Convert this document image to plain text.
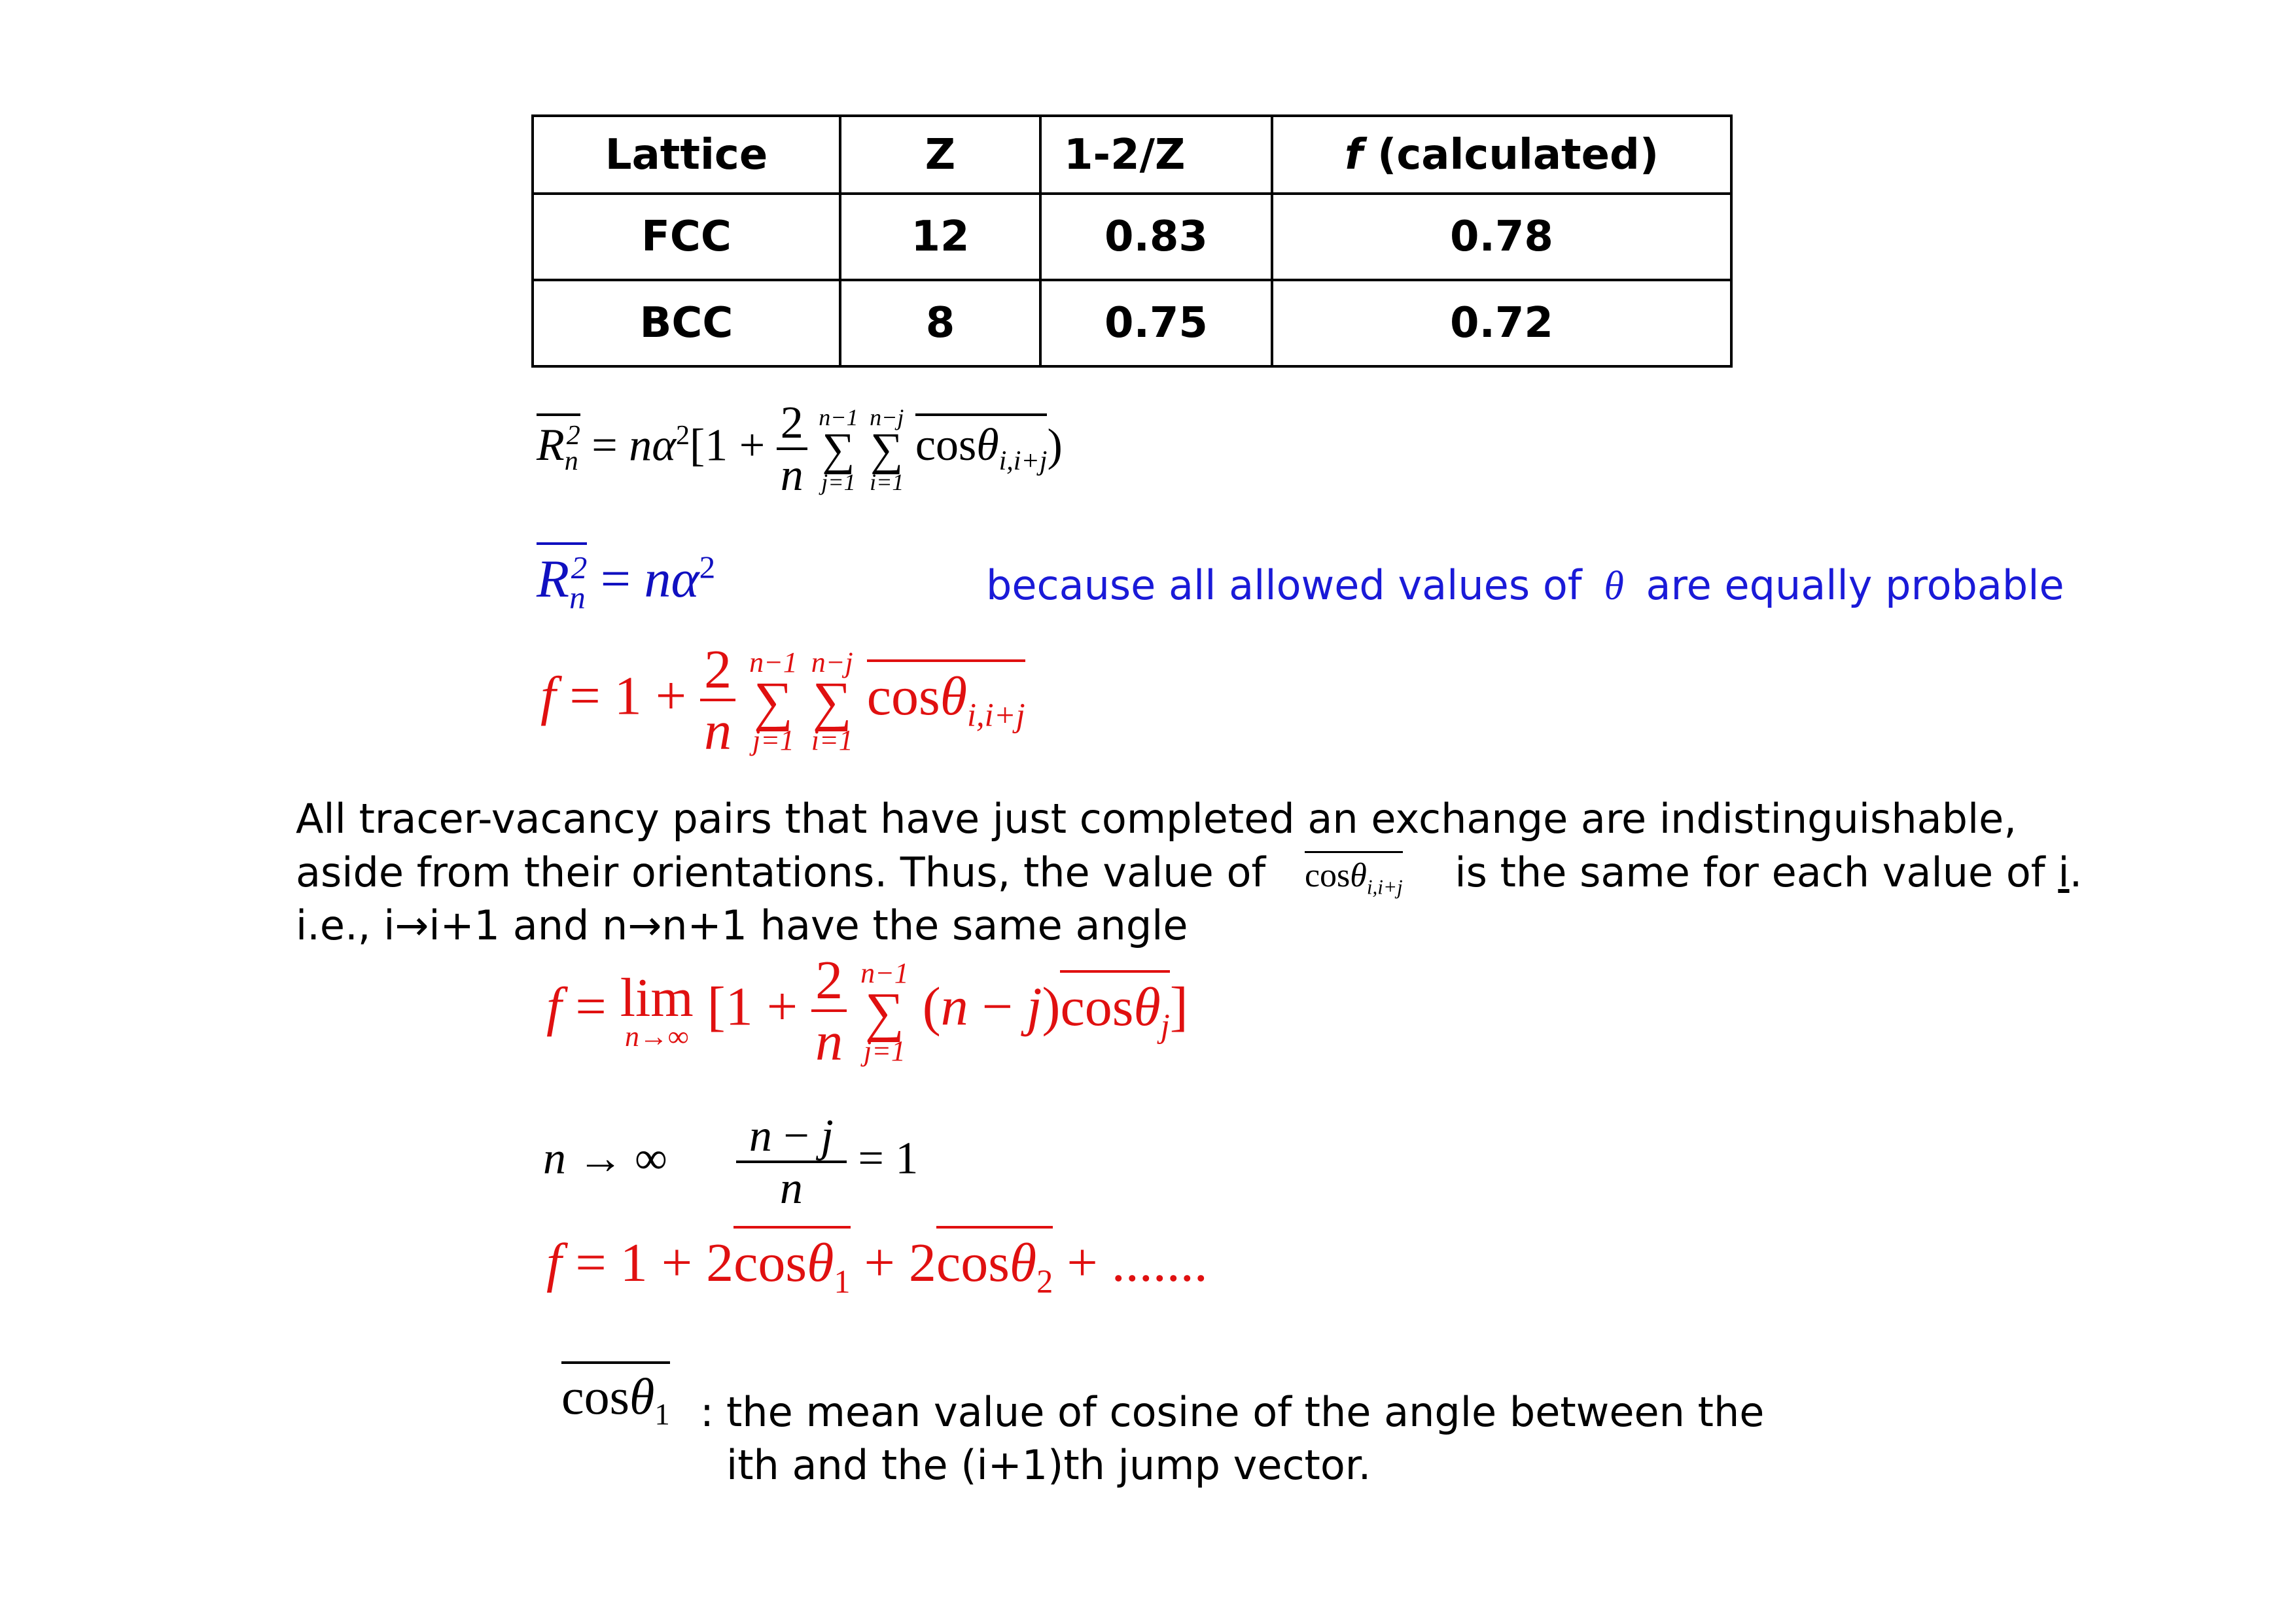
Lattice	Z	1-2/Z	f (calculated)
FCC	12	0.83	0.78
BCC	8	0.75	0.72
$R_n^2 = n\alpha^2[1 + \frac{2}{n}$
n−1
∑
j=1

n−j
∑
i=1
cosθ$_{i,i+j}$)
$R_n^2 = n\alpha^2$	because all allowed values of θ are equally probable
$f = 1 + \frac{2}{n}$
n−1
∑
j=1

n−j
∑
i=1
cosθ$_{i,i+j}$
All tracer-vacancy pairs that have just completed an exchange are indistinguishable,
aside from their orientations. Thus, the value of cosθ$_{i,i+j}$ is the same for each value of i.
i.e., i→i+1 and n→n+1 have the same angle
f = lim
n→∞ [$1 + \frac{2}{n}$
n−1
∑
j=1
(n − j)cosθ$_j$]
n → ∞ $\frac{n - j}{n} = 1$
f = 1 + 2cosθ$_1$ + 2cosθ$_2$ + .......
cosθ$_1$ : the mean value of cosine of the angle between the
ith and the (i+1)th jump vector.
